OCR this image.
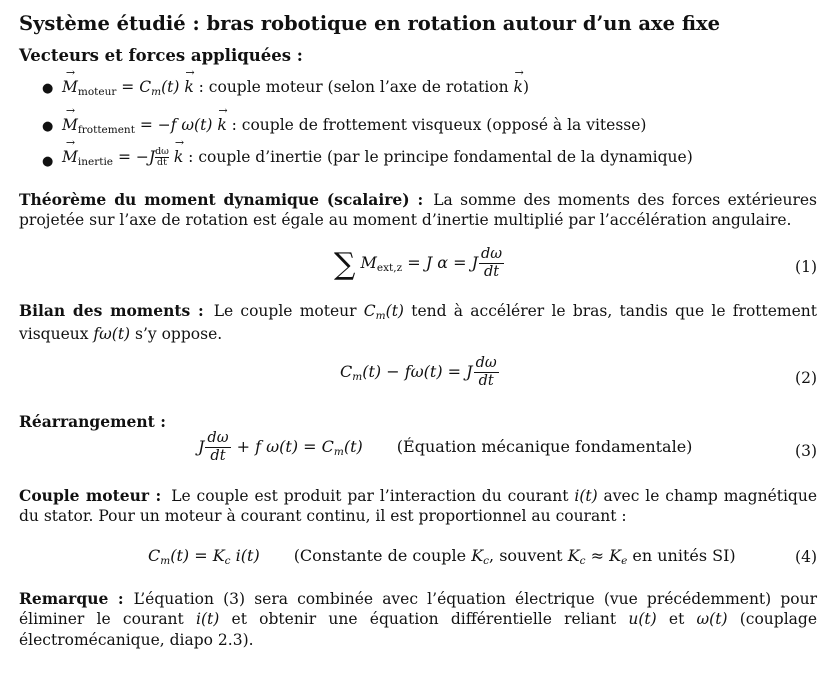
Système étudié : bras robotique en rotation autour d’un axe fixe
Vecteurs et forces appliquées :
●
→ $M_{moteur} = Cm(t) \to k$ : couple moteur (selon l’axe de rotation → k)
●
→ $M_{frottement} = -f$ ω(t) → k : couple de frottement visqueux (opposé à la vitesse)
●
→ $M_{inertie} = -J \frac{d\omega}{dt}$
→ k : couple d’inertie (par le principe fondamental de la dynamique)
Théorème du moment dynamique (scalaire) : La somme des moments des forces extérieures projetée sur l’axe de rotation est égale au moment d’inertie multiplié par l’accélération angulaire.
∑ $M_{ext,z} = J$ α = J $\frac{d\omega}{dt}$	(1)
Bilan des moments : Le couple moteur Cm(t) tend à accélérer le bras, tandis que le frottement visqueux fω(t) s’y oppose.
Cm(t) − fω(t) = J $\frac{d\omega}{dt}$	(2)
Réarrangement :
J $\frac{d\omega}{dt} + f$ ω(t) = Cm(t) (Équation mécanique fondamentale)	(3)
Couple moteur : Le couple est produit par l’interaction du courant i(t) avec le champ magnétique du stator. Pour un moteur à courant continu, il est proportionnel au courant :
Cm(t) = Kc i(t) (Constante de couple Kc, souvent Kc ≈ Ke en unités SI)	(4)
Remarque : L’équation (3) sera combinée avec l’équation électrique (vue précédemment) pour éliminer le courant i(t) et obtenir une équation différentielle reliant u(t) et ω(t) (couplage électromécanique, diapo 2.3).
